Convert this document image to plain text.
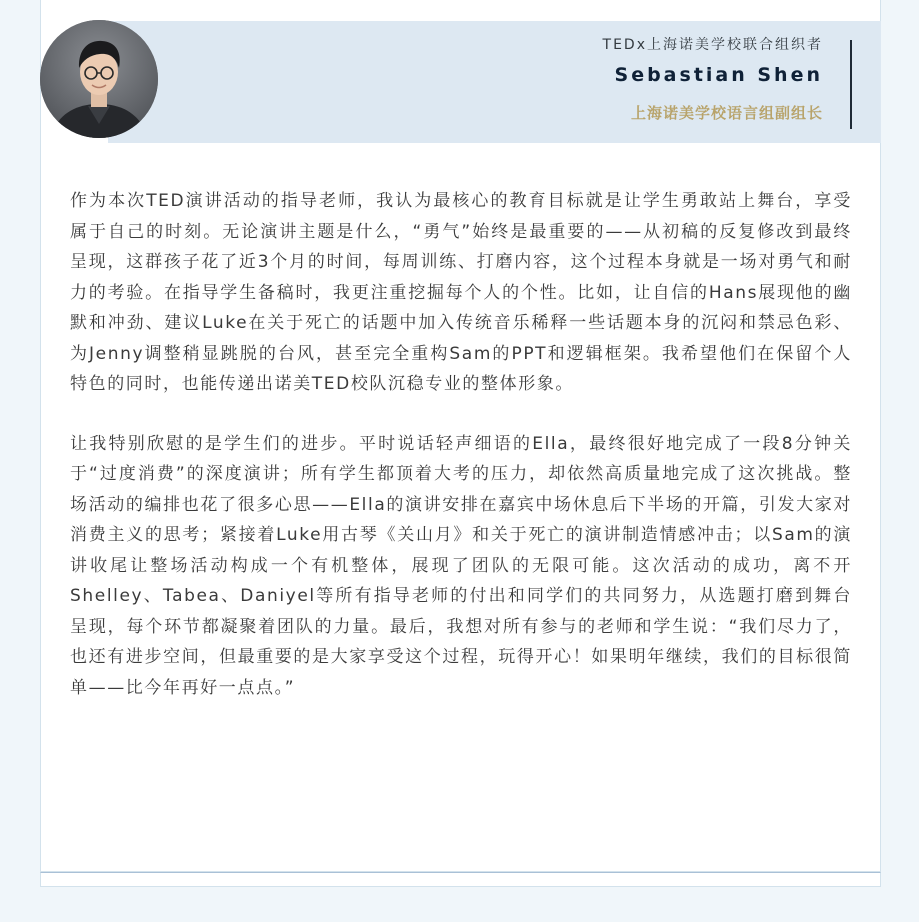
TEDx上海诺美学校联合组织者
Sebastian Shen
上海诺美学校语言组副组长

作为本次TED演讲活动的指导老师，我认为最核心的教育目标就是让学生勇敢站上舞台，享受属于自己的时刻。无论演讲主题是什么，“勇气”始终是最重要的——从初稿的反复修改到最终呈现，这群孩子花了近3个月的时间，每周训练、打磨内容，这个过程本身就是一场对勇气和耐力的考验。在指导学生备稿时，我更注重挖掘每个人的个性。比如，让自信的Hans展现他的幽默和冲劲、建议Luke在关于死亡的话题中加入传统音乐稀释一些话题本身的沉闷和禁忌色彩、为Jenny调整稍显跳脱的台风，甚至完全重构Sam的PPT和逻辑框架。我希望他们在保留个人特色的同时，也能传递出诺美TED校队沉稳专业的整体形象。

让我特别欣慰的是学生们的进步。平时说话轻声细语的Ella，最终很好地完成了一段8分钟关于“过度消费”的深度演讲；所有学生都顶着大考的压力，却依然高质量地完成了这次挑战。整场活动的编排也花了很多心思——Ella的演讲安排在嘉宾中场休息后下半场的开篇，引发大家对消费主义的思考；紧接着Luke用古琴《关山月》和关于死亡的演讲制造情感冲击；以Sam的演讲收尾让整场活动构成一个有机整体，展现了团队的无限可能。这次活动的成功，离不开Shelley、Tabea、Daniyel等所有指导老师的付出和同学们的共同努力，从选题打磨到舞台呈现，每个环节都凝聚着团队的力量。最后，我想对所有参与的老师和学生说：“我们尽力了，也还有进步空间，但最重要的是大家享受这个过程，玩得开心！如果明年继续，我们的目标很简单——比今年再好一点点。”
